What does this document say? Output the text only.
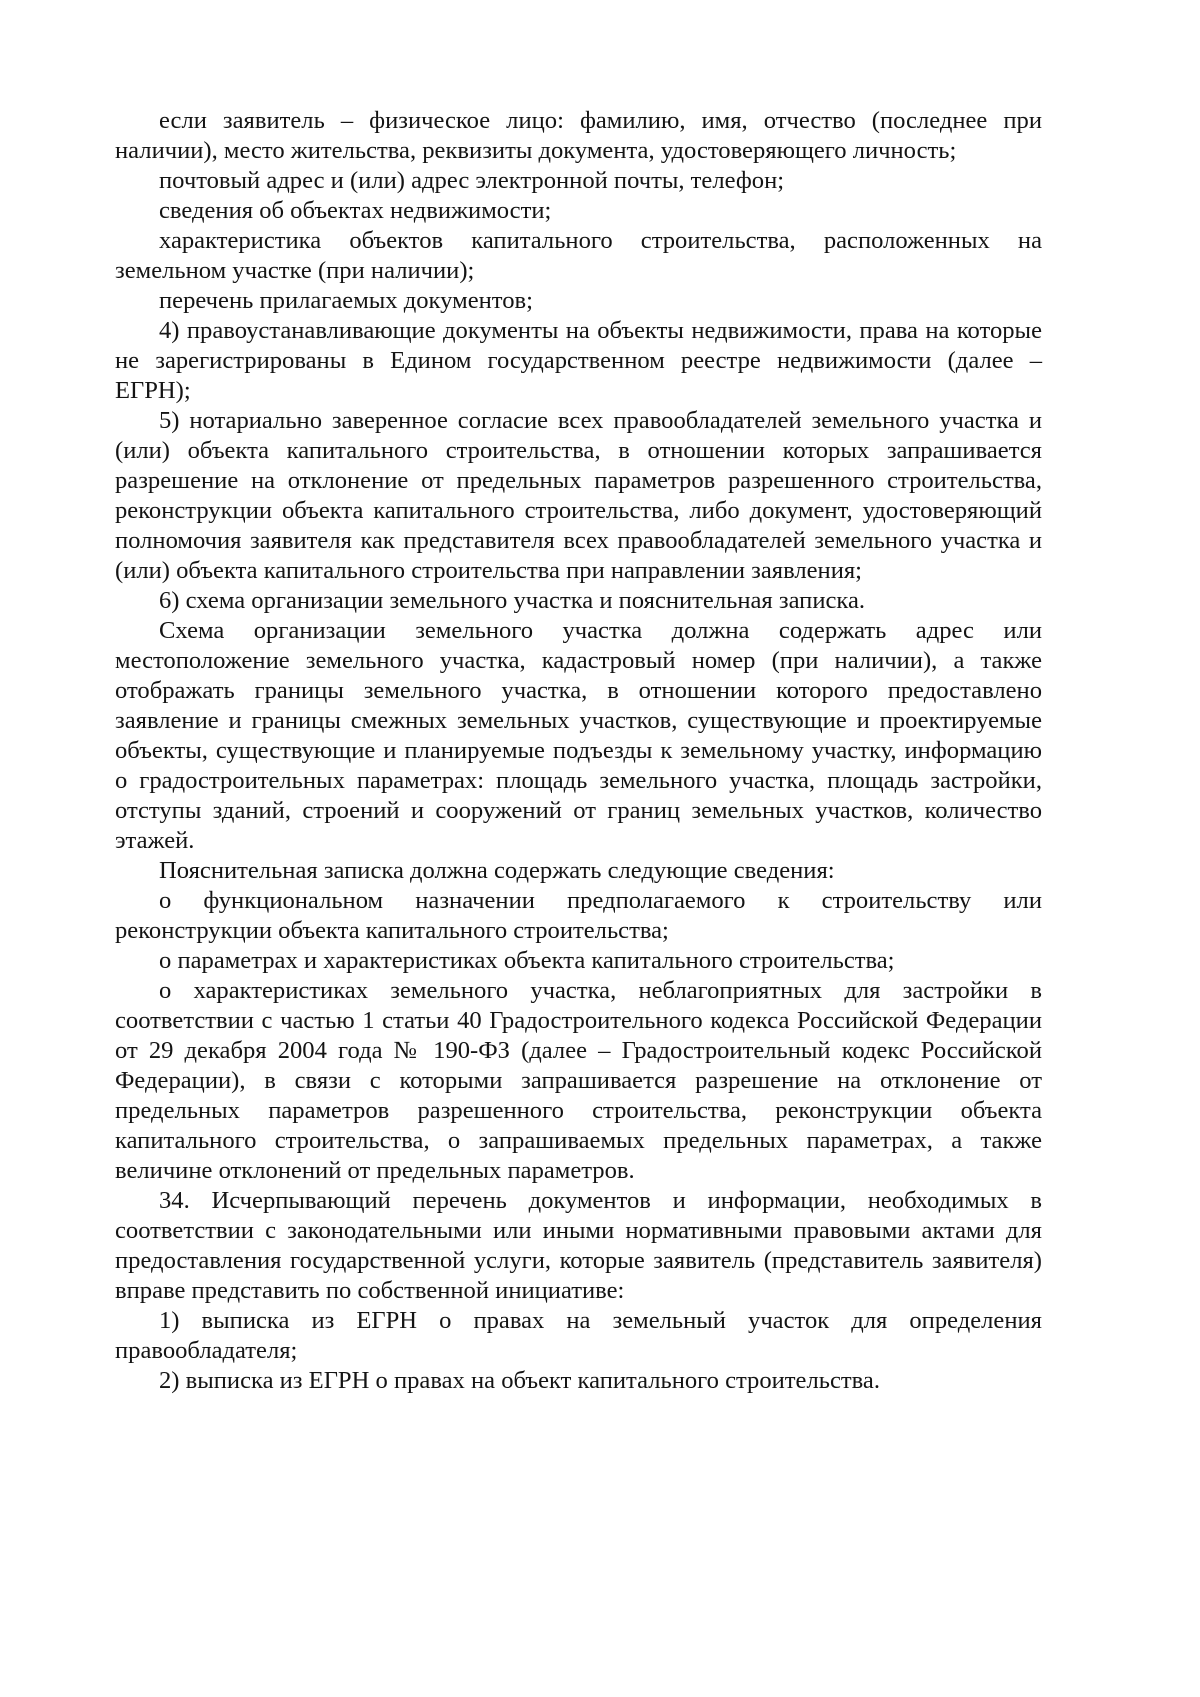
если заявитель – физическое лицо: фамилию, имя, отчество (последнее при наличии), место жительства, реквизиты документа, удостоверяющего личность;

почтовый адрес и (или) адрес электронной почты, телефон;

сведения об объектах недвижимости;

характеристика объектов капитального строительства, расположенных на земельном участке (при наличии);

перечень прилагаемых документов;

4) правоустанавливающие документы на объекты недвижимости, права на которые не зарегистрированы в Едином государственном реестре недвижимости (далее – ЕГРН);

5) нотариально заверенное согласие всех правообладателей земельного участка и (или) объекта капитального строительства, в отношении которых запрашивается разрешение на отклонение от предельных параметров разрешенного строительства, реконструкции объекта капитального строительства, либо документ, удостоверяющий полномочия заявителя как представителя всех правообладателей земельного участка и (или) объекта капитального строительства при направлении заявления;

6) схема организации земельного участка и пояснительная записка.

Схема организации земельного участка должна содержать адрес или местоположение земельного участка, кадастровый номер (при наличии), а также отображать границы земельного участка, в отношении которого предоставлено заявление и границы смежных земельных участков, существующие и проектируемые объекты, существующие и планируемые подъезды к земельному участку, информацию о градостроительных параметрах: площадь земельного участка, площадь застройки, отступы зданий, строений и сооружений от границ земельных участков, количество этажей.

Пояснительная записка должна содержать следующие сведения:

о функциональном назначении предполагаемого к строительству или реконструкции объекта капитального строительства;

о параметрах и характеристиках объекта капитального строительства;

о характеристиках земельного участка, неблагоприятных для застройки в соответствии с частью 1 статьи 40 Градостроительного кодекса Российской Федерации от 29 декабря 2004 года № 190-ФЗ (далее – Градостроительный кодекс Российской Федерации), в связи с которыми запрашивается разрешение на отклонение от предельных параметров разрешенного строительства, реконструкции объекта капитального строительства, о запрашиваемых предельных параметрах, а также величине отклонений от предельных параметров.

34. Исчерпывающий перечень документов и информации, необходимых в соответствии с законодательными или иными нормативными правовыми актами для предоставления государственной услуги, которые заявитель (представитель заявителя) вправе представить по собственной инициативе:

1) выписка из ЕГРН о правах на земельный участок для определения правообладателя;

2) выписка из ЕГРН о правах на объект капитального строительства.
